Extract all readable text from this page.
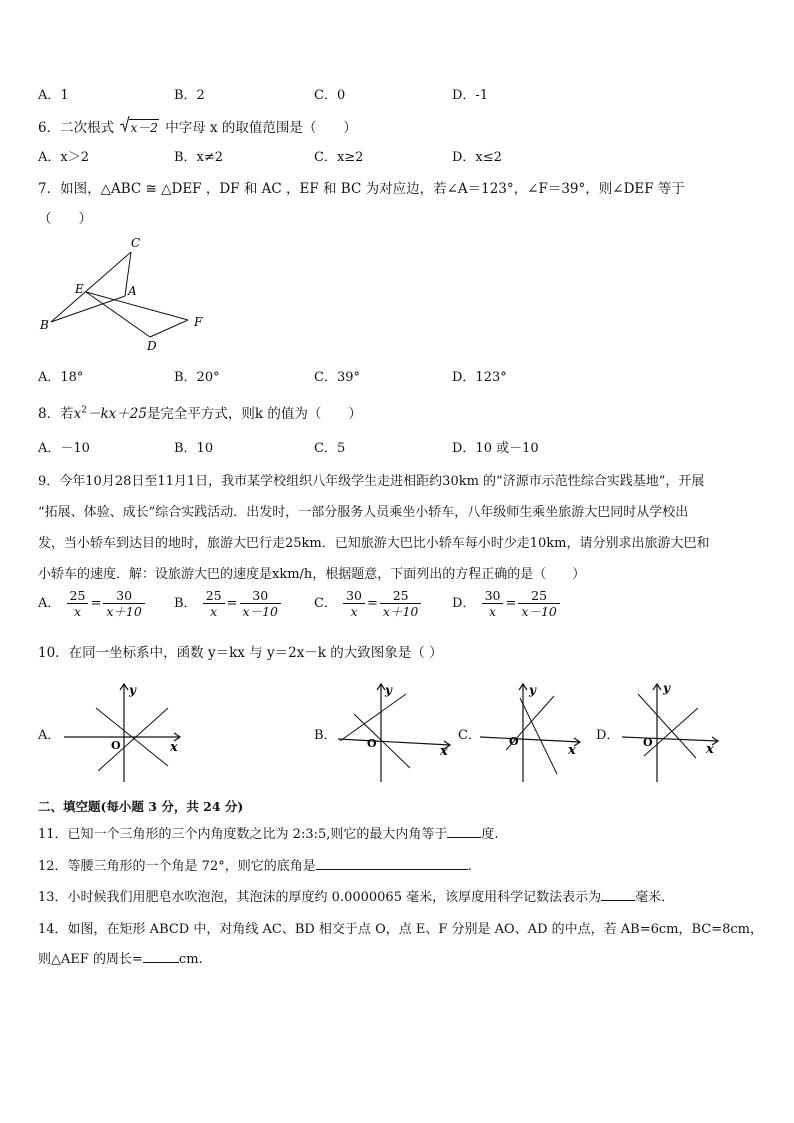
A．1	B．2	C．0	D．-1
6．二次根式 x－2 中字母 x 的取值范围是（　　）
A．x＞2	B．x≠2	C．x≥2	D．x≤2
7．如图，△ABC ≅ △DEF ，DF 和 AC ，EF 和 BC 为对应边，若∠A＝123°，∠F＝39°，则∠DEF 等于
（　　）
C
E	A
B	F
D
A．18°	B．20°	C．39°	D．123°
8．若$x^2-kx+25$是完全平方式，则k 的值为（　　）
A．－10	B．10	C．5	D．10 或－10
9．今年10月28日至11月1日，我市某学校组织八年级学生走进相距约30km 的“济源市示范性综合实践基地”，开展
“拓展、体验、成长”综合实践活动．出发时，一部分服务人员乘坐小轿车，八年级师生乘坐旅游大巴同时从学校出
发，当小轿车到达目的地时，旅游大巴行走25km．已知旅游大巴比小轿车每小时少走10km，请分别求出旅游大巴和
小轿车的速度．解：设旅游大巴的速度是xkm/h，根据题意，下面列出的方程正确的是（　　）
A． $\frac{25}{x} = \frac{30}{x+10}$ B． $\frac{25}{x} = \frac{30}{x-10}$	C． $\frac{30}{x} = \frac{25}{x+10}$ D． $\frac{30}{x} = \frac{25}{x-10}$
10．在同一坐标系中，函数 y＝kx 与 y＝2x－k 的大致图象是（ ）
A．
y
x
O
B．
y
x
O
C．
y
x
O	D．
y
x
O
二、填空题(每小题 3 分，共 24 分)
11．已知一个三角形的三个内角度数之比为 2:3:5,则它的最大内角等于	度.
12．等腰三角形的一个角是 72°，则它的底角是	.
13．小时候我们用肥皂水吹泡泡，其泡沫的厚度约 0.0000065 毫米，该厚度用科学记数法表示为	毫米．
14．如图，在矩形 ABCD 中，对角线 AC、BD 相交于点 O，点 E、F 分别是 AO、AD 的中点，若 AB=6cm，BC=8cm，
则△AEF 的周长=	cm.
